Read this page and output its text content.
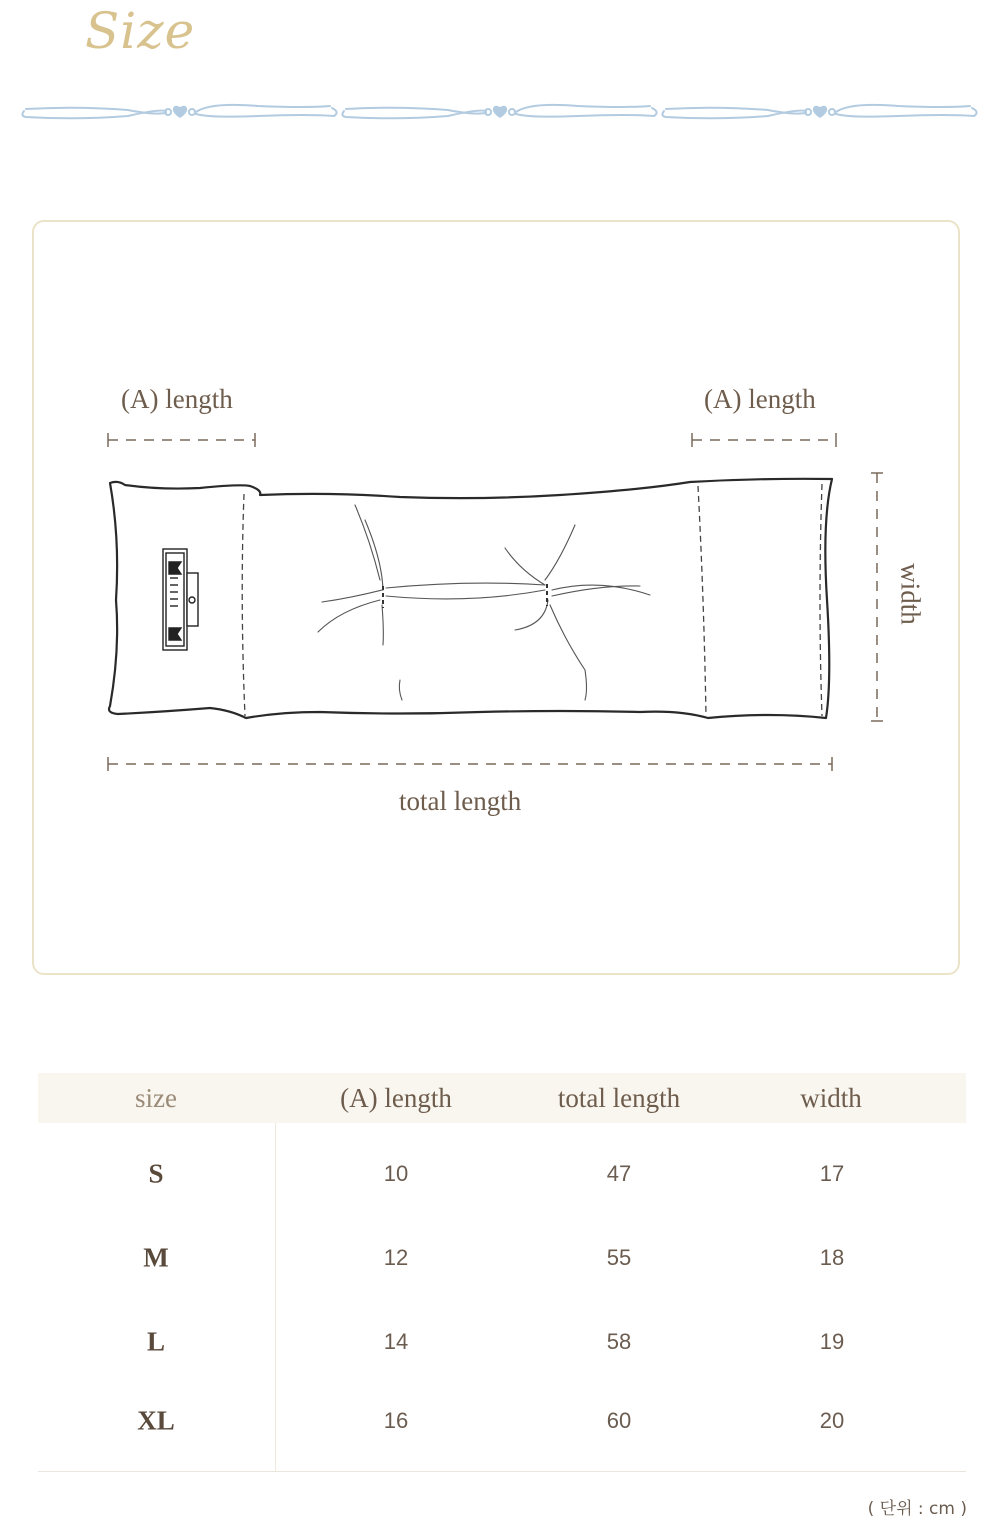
Size
(A) length	(A) length
width
total length
size	(A) length	total length	width
S	10	47	17
M	12	55	18
L	14	58	19
XL	16	60	20
( 단위 : cm )
